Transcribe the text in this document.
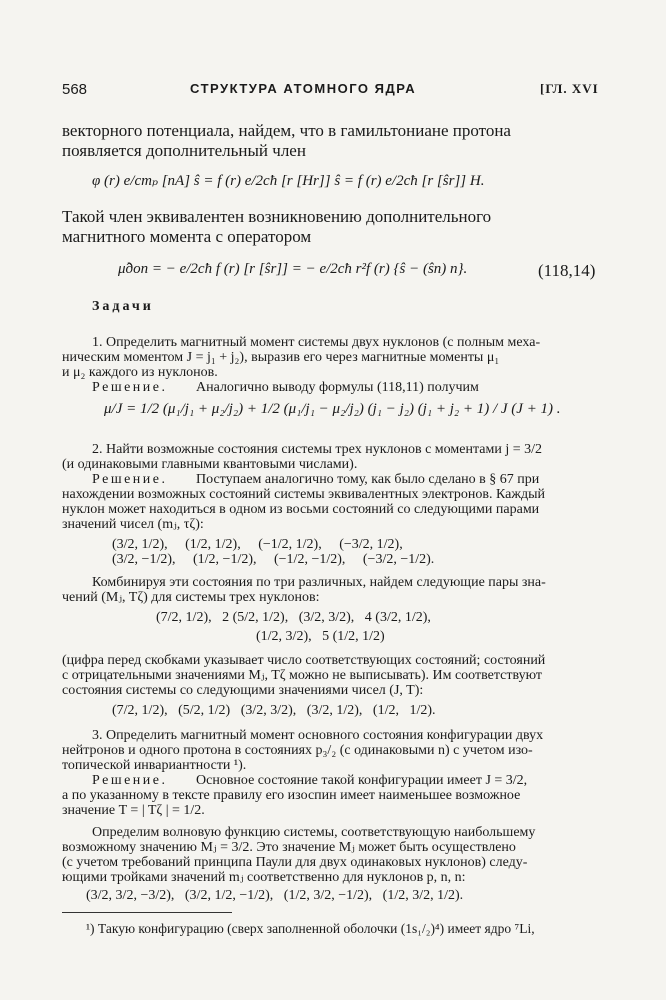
568	СТРУКТУРА АТОМНОГО ЯДРА	[ГЛ. XVI
векторного потенциала, найдем, что в гамильтониане протона
появляется дополнительный член
φ (r) e/cmₚ [nA] ŝ = f (r) e/2cħ [r [Hr]] ŝ = f (r) e/2cħ [r [ŝr]] H.
Такой член эквивалентен возникновению дополнительного
магнитного момента с оператором
μ̂доп = − e/2cħ f (r) [r [ŝr]] = − e/2cħ r²f (r) {ŝ − (ŝn) n}.	(118,14)
Задачи
1. Определить магнитный момент системы двух нуклонов (с полным меха-
ническим моментом J = j₁ + j₂), выразив его через магнитные моменты μ₁
и μ₂ каждого из нуклонов.
Решение. Аналогично выводу формулы (118,11) получим
μ/J = 1/2 (μ₁/j₁ + μ₂/j₂) + 1/2 (μ₁/j₁ − μ₂/j₂) (j₁ − j₂) (j₁ + j₂ + 1) / J (J + 1) .
2. Найти возможные состояния системы трех нуклонов с моментами j = 3/2
(и одинаковыми главными квантовыми числами).
Решение. Поступаем аналогично тому, как было сделано в § 67 при
нахождении возможных состояний системы эквивалентных электронов. Каждый
нуклон может находиться в одном из восьми состояний со следующими парами
значений чисел (mⱼ, τζ):
(3/2, 1/2),     (1/2, 1/2),     (−1/2, 1/2),     (−3/2, 1/2),
(3/2, −1/2),     (1/2, −1/2),     (−1/2, −1/2),     (−3/2, −1/2).
Комбинируя эти состояния по три различных, найдем следующие пары зна-
чений (Mⱼ, Tζ) для системы трех нуклонов:
(7/2, 1/2),   2 (5/2, 1/2),   (3/2, 3/2),   4 (3/2, 1/2),
(1/2, 3/2),   5 (1/2, 1/2)
(цифра перед скобками указывает число соответствующих состояний; состояний
с отрицательными значениями Mⱼ, Tζ можно не выписывать). Им соответствуют
состояния системы со следующими значениями чисел (J, T):
(7/2, 1/2),   (5/2, 1/2)   (3/2, 3/2),   (3/2, 1/2),   (1/2,   1/2).
3. Определить магнитный момент основного состояния конфигурации двух
нейтронов и одного протона в состояниях p₃/₂ (с одинаковыми n) с учетом изо-
топической инвариантности ¹).
Решение. Основное состояние такой конфигурации имеет J = 3/2,
а по указанному в тексте правилу его изоспин имеет наименьшее возможное
значение T = | Tζ | = 1/2.
Определим волновую функцию системы, соответствующую наибольшему
возможному значению Mⱼ = 3/2. Это значение Mⱼ может быть осуществлено
(с учетом требований принципа Паули для двух одинаковых нуклонов) следу-
ющими тройками значений mⱼ соответственно для нуклонов p, n, n:
(3/2, 3/2, −3/2),   (3/2, 1/2, −1/2),   (1/2, 3/2, −1/2),   (1/2, 3/2, 1/2).
¹) Такую конфигурацию (сверх заполненной оболочки (1s₁/₂)⁴) имеет ядро ⁷Li,
